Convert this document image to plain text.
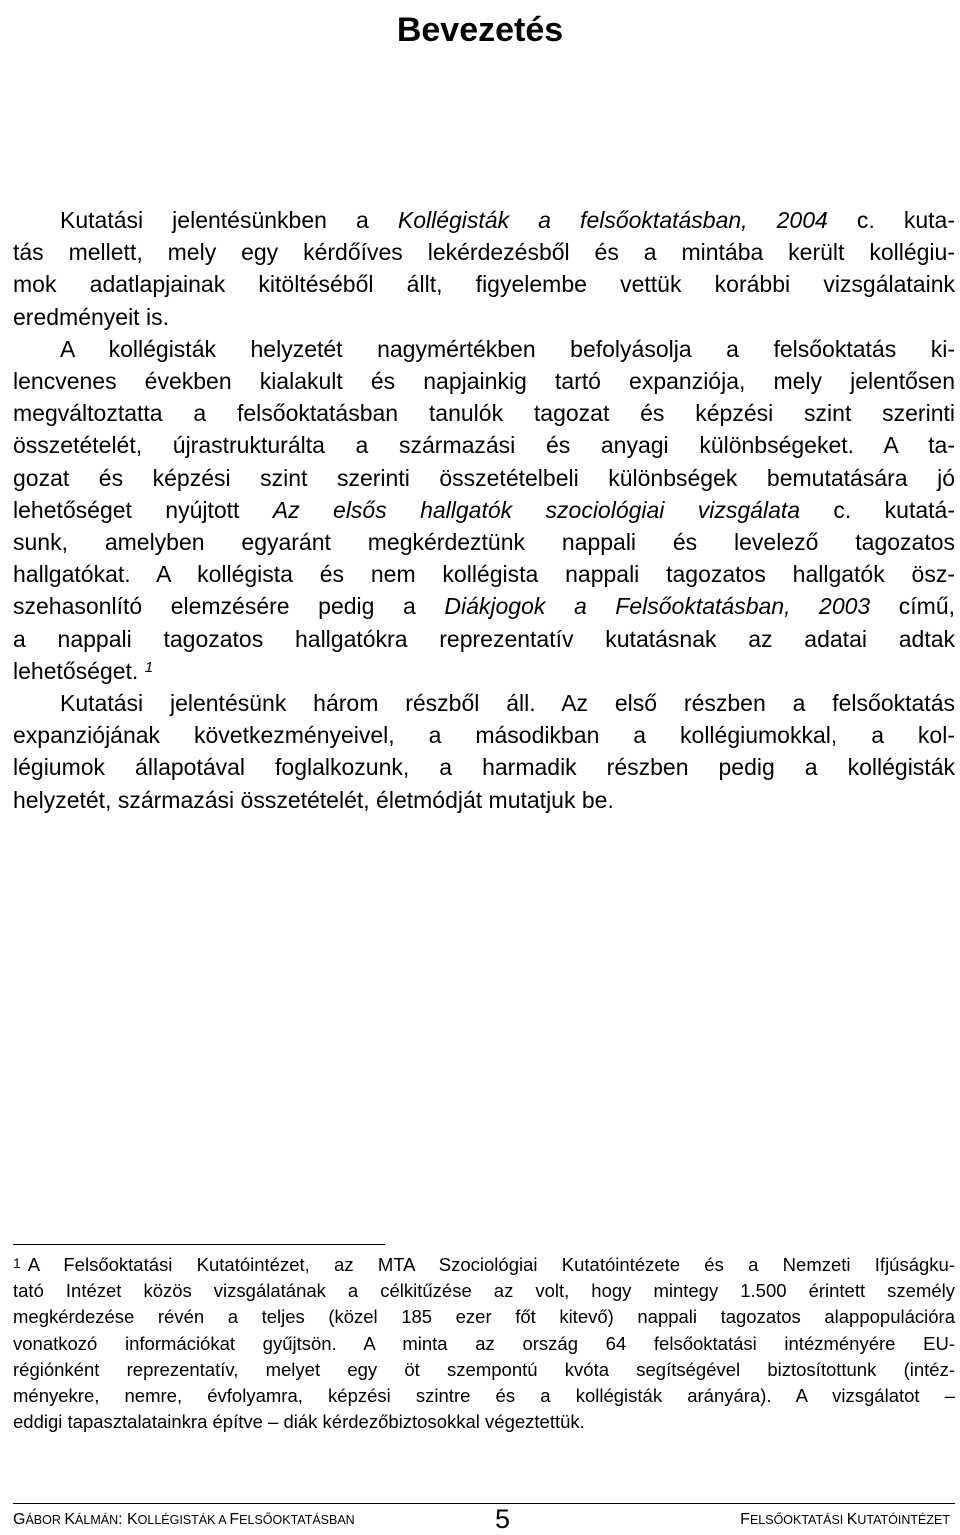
Bevezetés
Kutatási jelentésünkben a Kollégisták a felsőoktatásban, 2004 c. kuta-
tás mellett, mely egy kérdőíves lekérdezésből és a mintába került kollégiu-
mok adatlapjainak kitöltéséből állt, figyelembe vettük korábbi vizsgálataink
eredményeit is.
A kollégisták helyzetét nagymértékben befolyásolja a felsőoktatás ki-
lencvenes években kialakult és napjainkig tartó expanziója, mely jelentősen
megváltoztatta a felsőoktatásban tanulók tagozat és képzési szint szerinti
összetételét, újrastrukturálta a származási és anyagi különbségeket. A ta-
gozat és képzési szint szerinti összetételbeli különbségek bemutatására jó
lehetőséget nyújtott Az elsős hallgatók szociológiai vizsgálata c. kutatá-
sunk, amelyben egyaránt megkérdeztünk nappali és levelező tagozatos
hallgatókat. A kollégista és nem kollégista nappali tagozatos hallgatók ösz-
szehasonlító elemzésére pedig a Diákjogok a Felsőoktatásban, 2003 című,
a nappali tagozatos hallgatókra reprezentatív kutatásnak az adatai adtak
lehetőséget. $^1$
Kutatási jelentésünk három részből áll. Az első részben a felsőoktatás
expanziójának következményeivel, a másodikban a kollégiumokkal, a kol-
légiumok állapotával foglalkozunk, a harmadik részben pedig a kollégisták
helyzetét, származási összetételét, életmódját mutatjuk be.
$^1$ A Felsőoktatási Kutatóintézet, az MTA Szociológiai Kutatóintézete és a Nemzeti Ifjúságku-
tató Intézet közös vizsgálatának a célkitűzése az volt, hogy mintegy 1.500 érintett személy
megkérdezése révén a teljes (közel 185 ezer főt kitevő) nappali tagozatos alappopulációra
vonatkozó információkat gyűjtsön. A minta az ország 64 felsőoktatási intézményére EU-
régiónként reprezentatív, melyet egy öt szempontú kvóta segítségével biztosítottunk (intéz-
ményekre, nemre, évfolyamra, képzési szintre és a kollégisták arányára). A vizsgálatot –
eddigi tapasztalatainkra építve – diák kérdezőbiztosokkal végeztettük.
GÁBOR KÁLMÁN: KOLLÉGISTÁK A FELSŐOKTATÁSBAN	5	FELSŐOKTATÁSI KUTATÓINTÉZET
